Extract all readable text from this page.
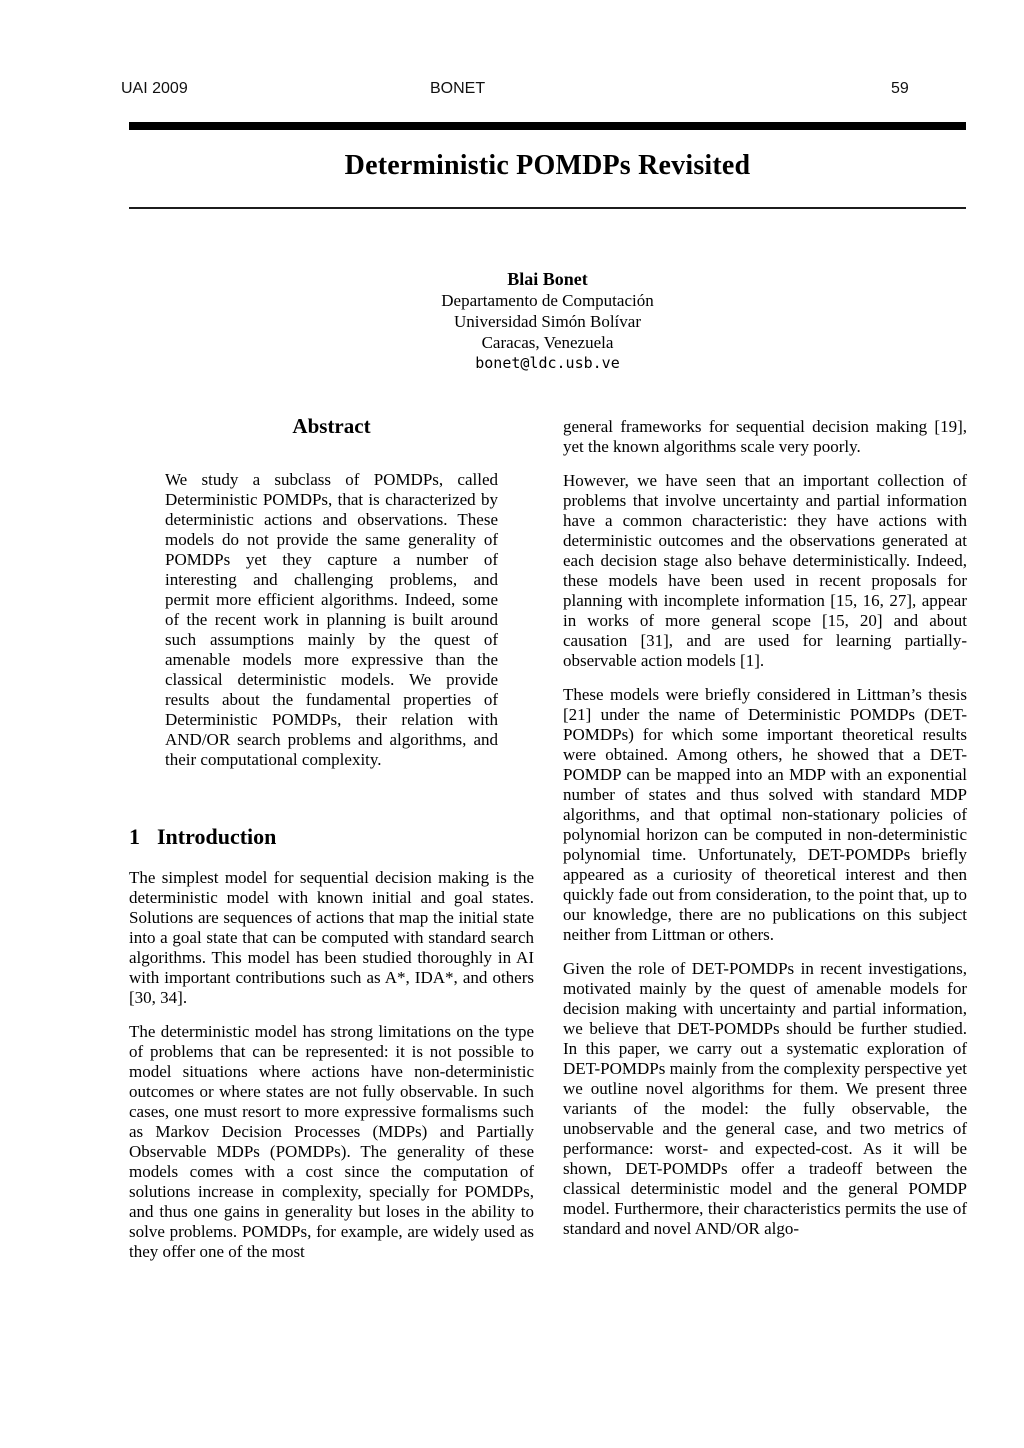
UAI 2009	BONET	59
Deterministic POMDPs Revisited
Blai Bonet
Departamento de Computación
Universidad Simón Bolívar
Caracas, Venezuela
bonet@ldc.usb.ve
Abstract
We study a subclass of POMDPs, called Deterministic POMDPs, that is characterized by deterministic actions and observations. These models do not provide the same generality of POMDPs yet they capture a number of interesting and challenging problems, and permit more efficient algorithms. Indeed, some of the recent work in planning is built around such assumptions mainly by the quest of amenable models more expressive than the classical deterministic models. We provide results about the fundamental properties of Deterministic POMDPs, their relation with AND/OR search problems and algorithms, and their computational complexity.
1 Introduction

The simplest model for sequential decision making is the deterministic model with known initial and goal states. Solutions are sequences of actions that map the initial state into a goal state that can be computed with standard search algorithms. This model has been studied thoroughly in AI with important contributions such as A*, IDA*, and others [30, 34].

The deterministic model has strong limitations on the type of problems that can be represented: it is not possible to model situations where actions have non-deterministic outcomes or where states are not fully observable. In such cases, one must resort to more expressive formalisms such as Markov Decision Processes (MDPs) and Partially Observable MDPs (POMDPs). The generality of these models comes with a cost since the computation of solutions increase in complexity, specially for POMDPs, and thus one gains in generality but loses in the ability to solve problems. POMDPs, for example, are widely used as they offer one of the most

general frameworks for sequential decision making [19], yet the known algorithms scale very poorly.

However, we have seen that an important collection of problems that involve uncertainty and partial information have a common characteristic: they have actions with deterministic outcomes and the observations generated at each decision stage also behave deterministically. Indeed, these models have been used in recent proposals for planning with incomplete information [15, 16, 27], appear in works of more general scope [15, 20] and about causation [31], and are used for learning partially-observable action models [1].

These models were briefly considered in Littman’s thesis [21] under the name of Deterministic POMDPs (DET-POMDPs) for which some important theoretical results were obtained. Among others, he showed that a DET-POMDP can be mapped into an MDP with an exponential number of states and thus solved with standard MDP algorithms, and that optimal non-stationary policies of polynomial horizon can be computed in non-deterministic polynomial time. Unfortunately, DET-POMDPs briefly appeared as a curiosity of theoretical interest and then quickly fade out from consideration, to the point that, up to our knowledge, there are no publications on this subject neither from Littman or others.

Given the role of DET-POMDPs in recent investigations, motivated mainly by the quest of amenable models for decision making with uncertainty and partial information, we believe that DET-POMDPs should be further studied. In this paper, we carry out a systematic exploration of DET-POMDPs mainly from the complexity perspective yet we outline novel algorithms for them. We present three variants of the model: the fully observable, the unobservable and the general case, and two metrics of performance: worst- and expected-cost. As it will be shown, DET-POMDPs offer a tradeoff between the classical deterministic model and the general POMDP model. Furthermore, their characteristics permits the use of standard and novel AND/OR algo-
